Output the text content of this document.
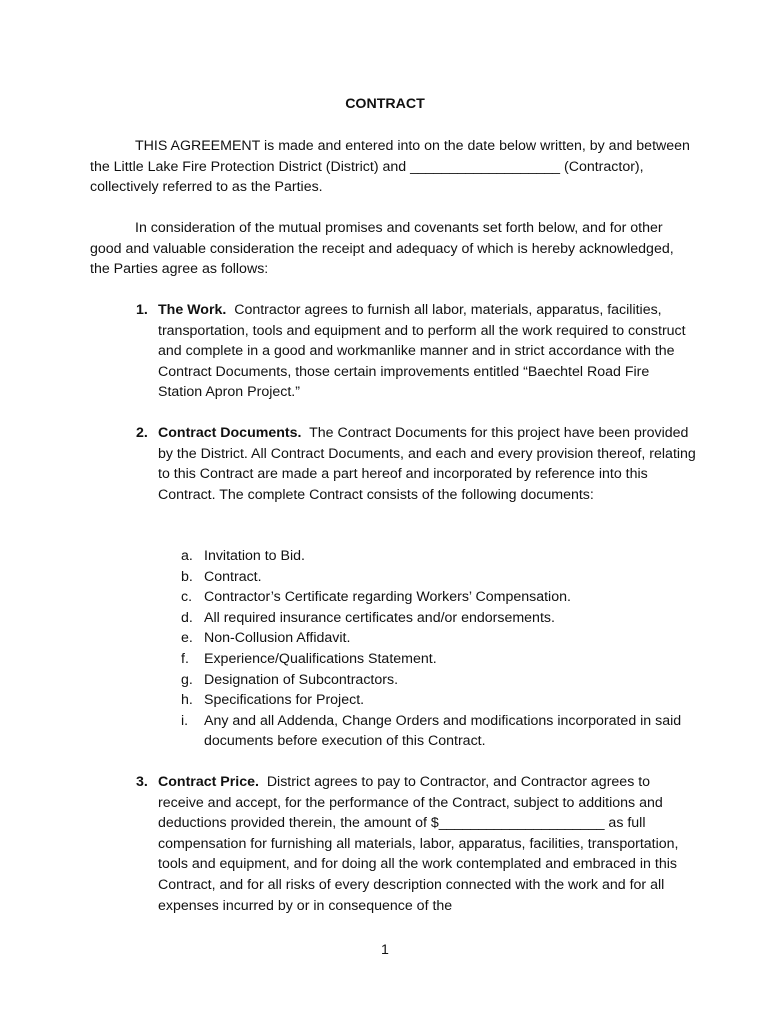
CONTRACT

THIS AGREEMENT is made and entered into on the date below written, by and between the Little Lake Fire Protection District (District) and ___________________ (Contractor), collectively referred to as the Parties.

In consideration of the mutual promises and covenants set forth below, and for other good and valuable consideration the receipt and adequacy of which is hereby acknowledged, the Parties agree as follows:

1. The Work. Contractor agrees to furnish all labor, materials, apparatus, facilities, transportation, tools and equipment and to perform all the work required to construct and complete in a good and workmanlike manner and in strict accordance with the Contract Documents, those certain improvements entitled “Baechtel Road Fire Station Apron Project.”
2. Contract Documents. The Contract Documents for this project have been provided by the District. All Contract Documents, and each and every provision thereof, relating to this Contract are made a part hereof and incorporated by reference into this Contract. The complete Contract consists of the following documents:
a. Invitation to Bid.
b. Contract.
c. Contractor’s Certificate regarding Workers’ Compensation.
d. All required insurance certificates and/or endorsements.
e. Non-Collusion Affidavit.
f. Experience/Qualifications Statement.
g. Designation of Subcontractors.
h. Specifications for Project.
i. Any and all Addenda, Change Orders and modifications incorporated in said documents before execution of this Contract.
3. Contract Price. District agrees to pay to Contractor, and Contractor agrees to receive and accept, for the performance of the Contract, subject to additions and deductions provided therein, the amount of $_____________________ as full compensation for furnishing all materials, labor, apparatus, facilities, transportation, tools and equipment, and for doing all the work contemplated and embraced in this Contract, and for all risks of every description connected with the work and for all expenses incurred by or in consequence of the
1
